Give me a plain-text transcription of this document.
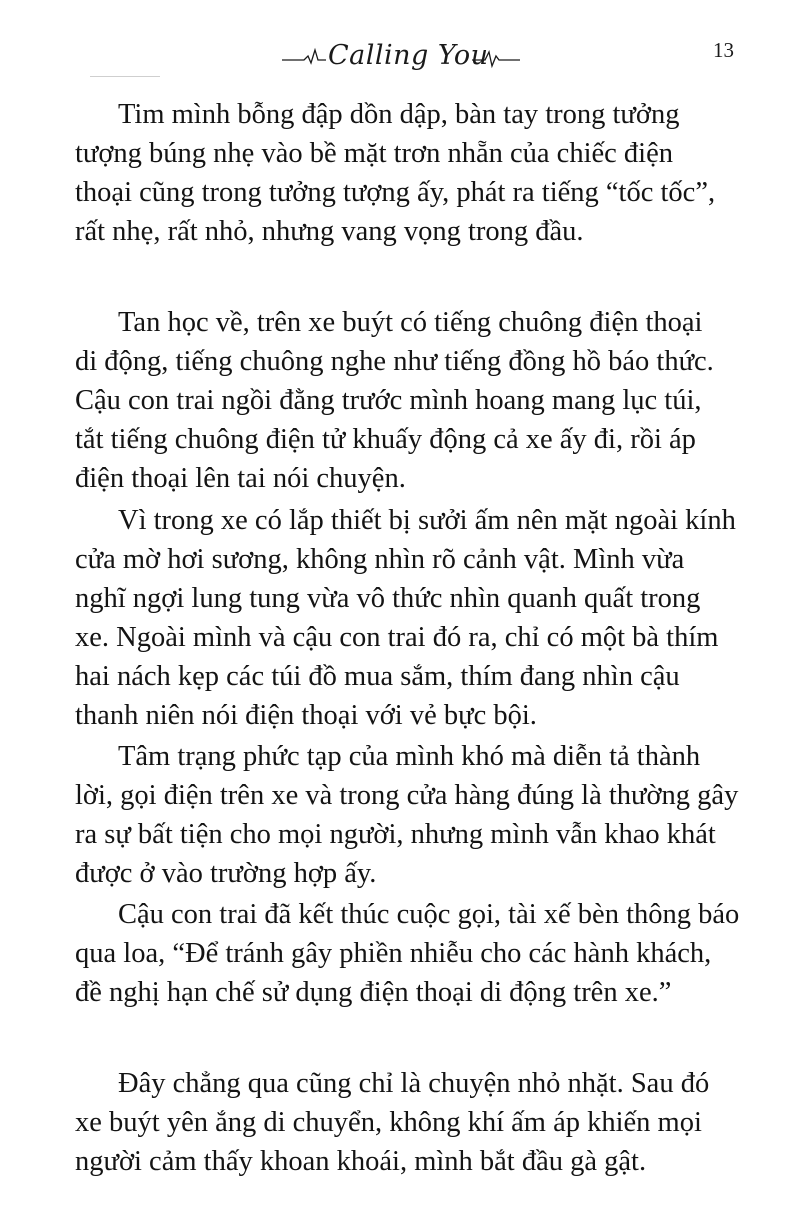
Calling You	13
Tim mình bỗng đập dồn dập, bàn tay trong tưởng
tượng búng nhẹ vào bề mặt trơn nhẵn của chiếc điện
thoại cũng trong tưởng tượng ấy, phát ra tiếng “tốc tốc”,
rất nhẹ, rất nhỏ, nhưng vang vọng trong đầu.
Tan học về, trên xe buýt có tiếng chuông điện thoại
di động, tiếng chuông nghe như tiếng đồng hồ báo thức.
Cậu con trai ngồi đằng trước mình hoang mang lục túi,
tắt tiếng chuông điện tử khuấy động cả xe ấy đi, rồi áp
điện thoại lên tai nói chuyện.
Vì trong xe có lắp thiết bị sưởi ấm nên mặt ngoài kính
cửa mờ hơi sương, không nhìn rõ cảnh vật. Mình vừa
nghĩ ngợi lung tung vừa vô thức nhìn quanh quất trong
xe. Ngoài mình và cậu con trai đó ra, chỉ có một bà thím
hai nách kẹp các túi đồ mua sắm, thím đang nhìn cậu
thanh niên nói điện thoại với vẻ bực bội.
Tâm trạng phức tạp của mình khó mà diễn tả thành
lời, gọi điện trên xe và trong cửa hàng đúng là thường gây
ra sự bất tiện cho mọi người, nhưng mình vẫn khao khát
được ở vào trường hợp ấy.
Cậu con trai đã kết thúc cuộc gọi, tài xế bèn thông báo
qua loa, “Để tránh gây phiền nhiễu cho các hành khách,
đề nghị hạn chế sử dụng điện thoại di động trên xe.”
Đây chẳng qua cũng chỉ là chuyện nhỏ nhặt. Sau đó
xe buýt yên ắng di chuyển, không khí ấm áp khiến mọi
người cảm thấy khoan khoái, mình bắt đầu gà gật.
